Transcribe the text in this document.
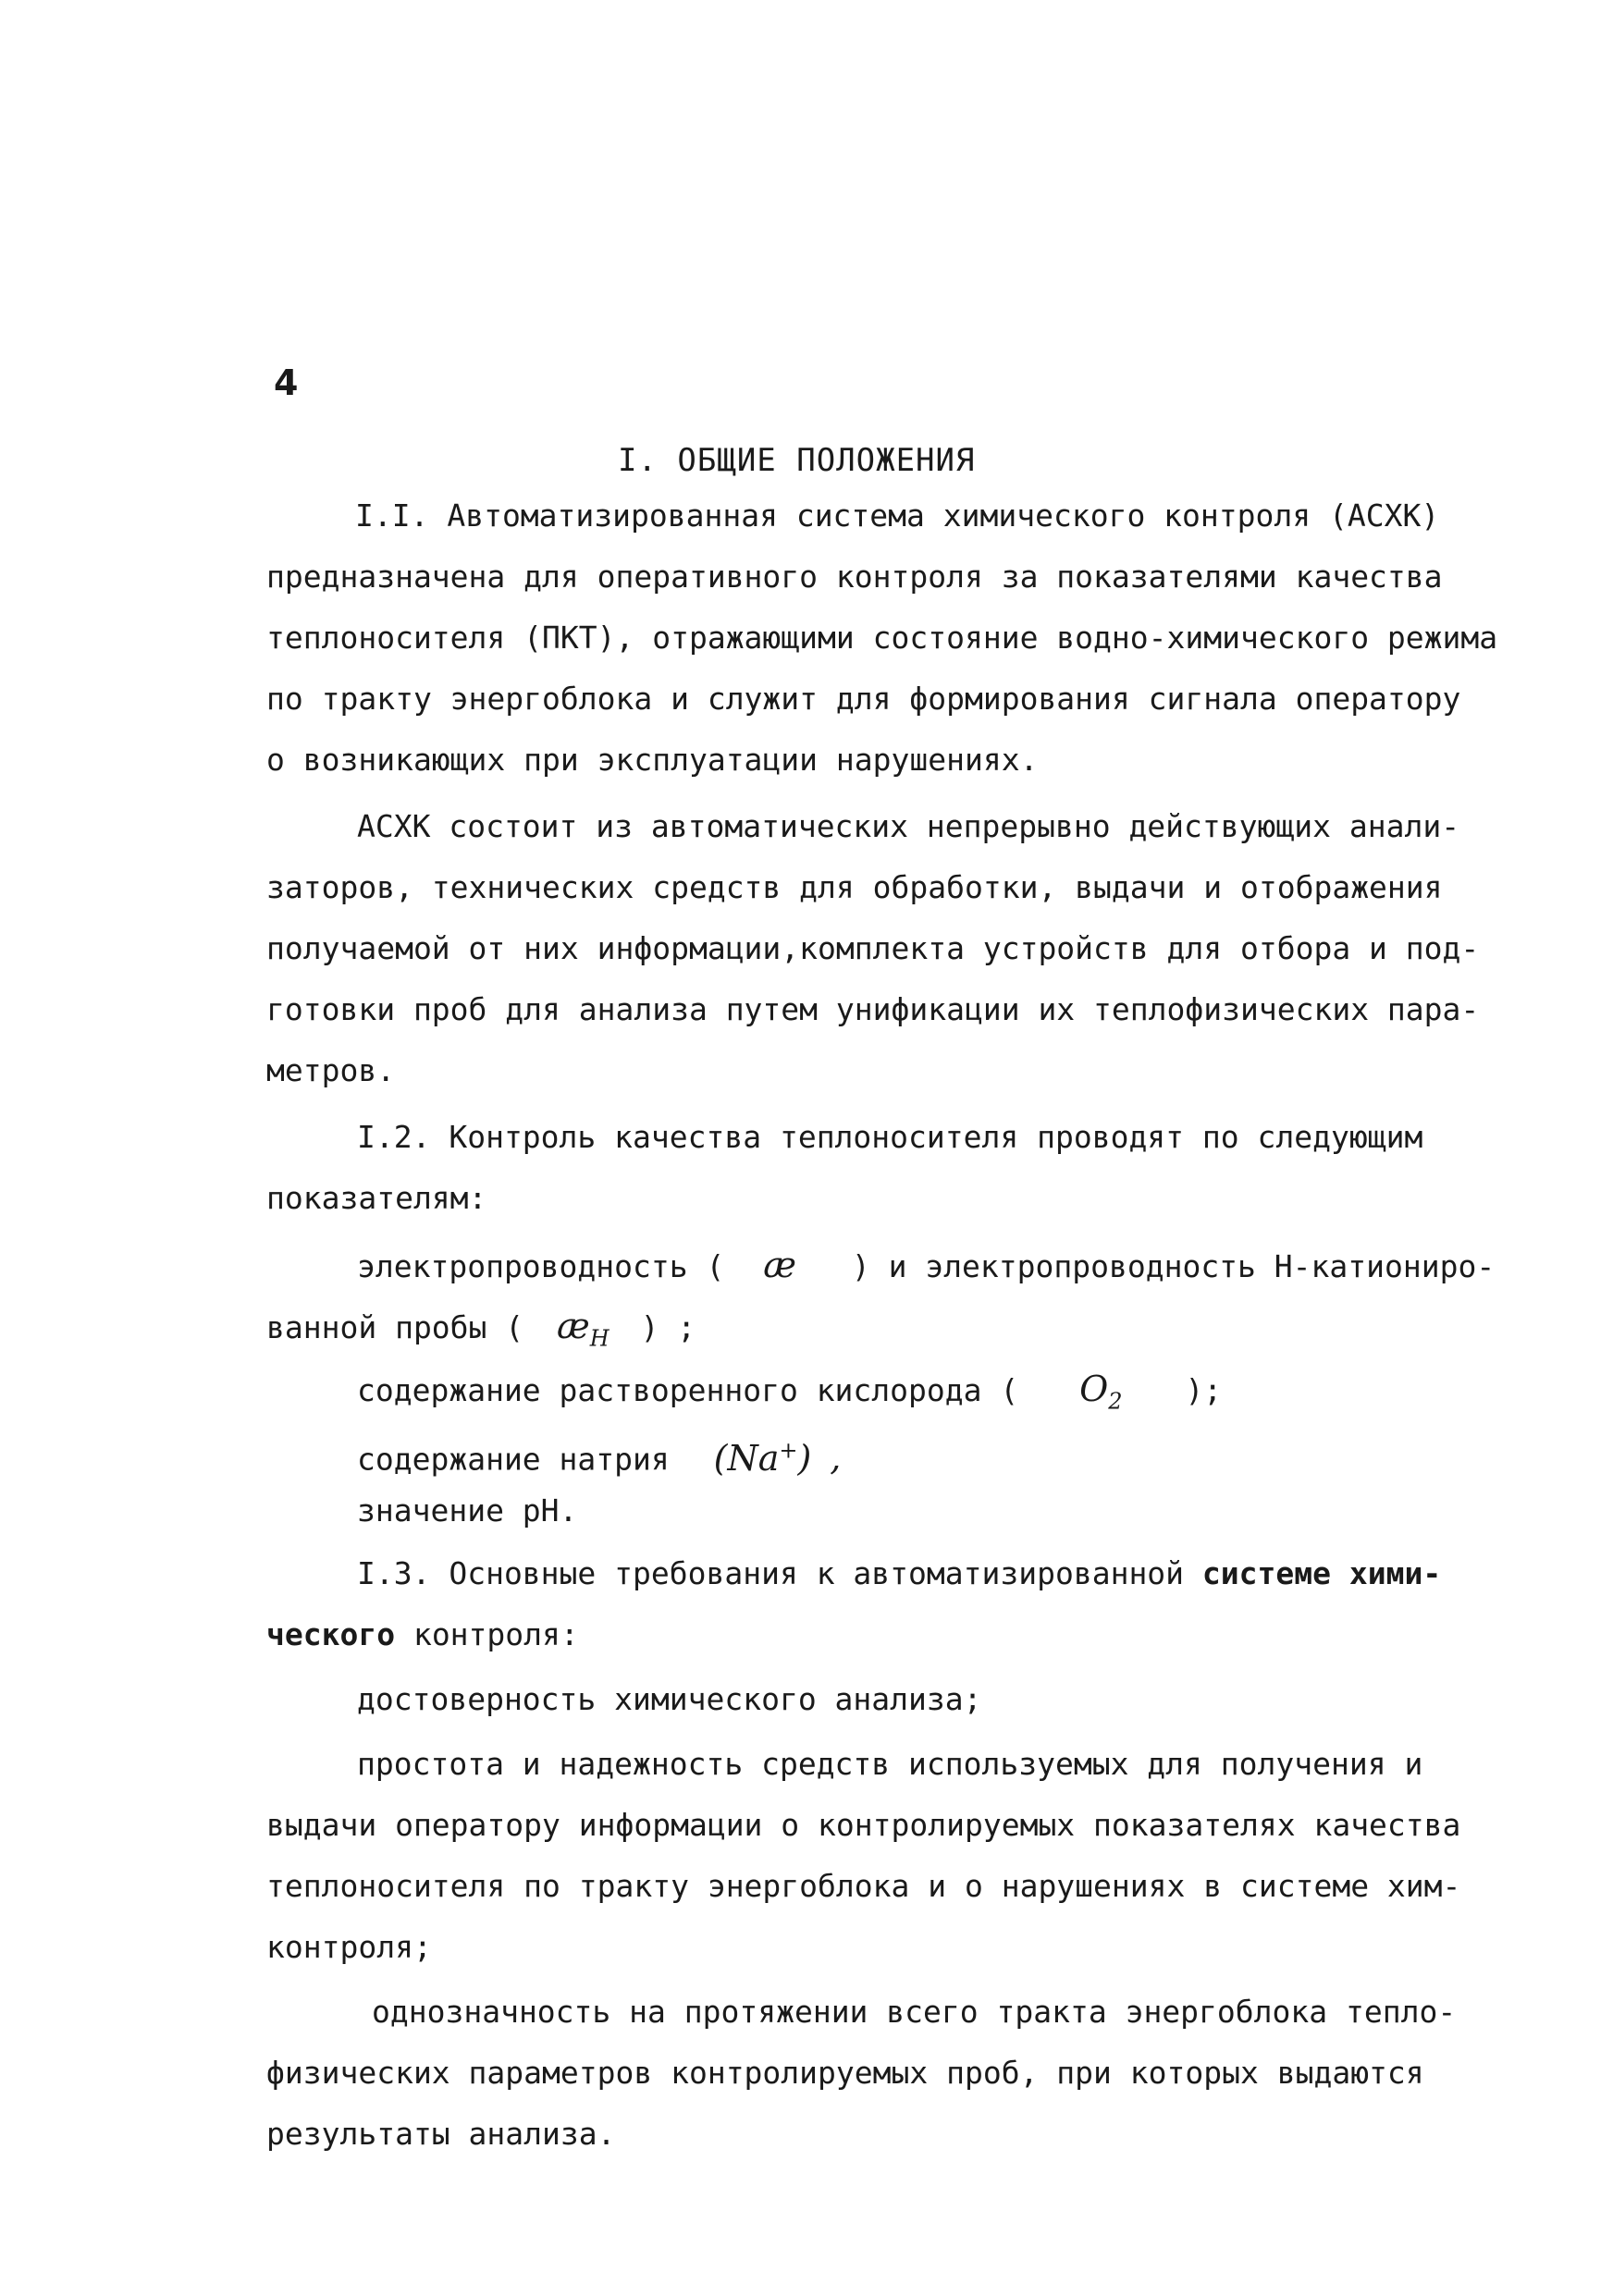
4
I. ОБЩИЕ ПОЛОЖЕНИЯ
I.I. Автоматизированная система химического контроля (АСХК)
предназначена для оперативного контроля за показателями качества
теплоносителя (ПКТ), отражающими состояние водно-химического режима
по тракту энергоблока и служит для формирования сигнала оператору
о возникающих при эксплуатации нарушениях.
АСХК состоит из автоматических непрерывно действующих анали-
заторов, технических средств для обработки, выдачи и отображения
получаемой от них информации,комплекта устройств для отбора и под-
готовки проб для анализа путем унификации их теплофизических пара-
метров.
I.2. Контроль качества теплоносителя проводят по следующим
показателям:
электропроводность ( æ ) и электропроводность Н-катиониро-
ванной пробы ( $æ_H$ ) ;
содержание растворенного кислорода ( $O_2$ );
содержание натрия (Na+) ,
значение pH.
I.3. Основные требования к автоматизированной системе хими-
ческого контроля:
достоверность химического анализа;
простота и надежность средств используемых для получения и
выдачи оператору информации о контролируемых показателях качества
теплоносителя по тракту энергоблока и о нарушениях в системе хим-
контроля;
однозначность на протяжении всего тракта энергоблока тепло-
физических параметров контролируемых проб, при которых выдаются
результаты анализа.
